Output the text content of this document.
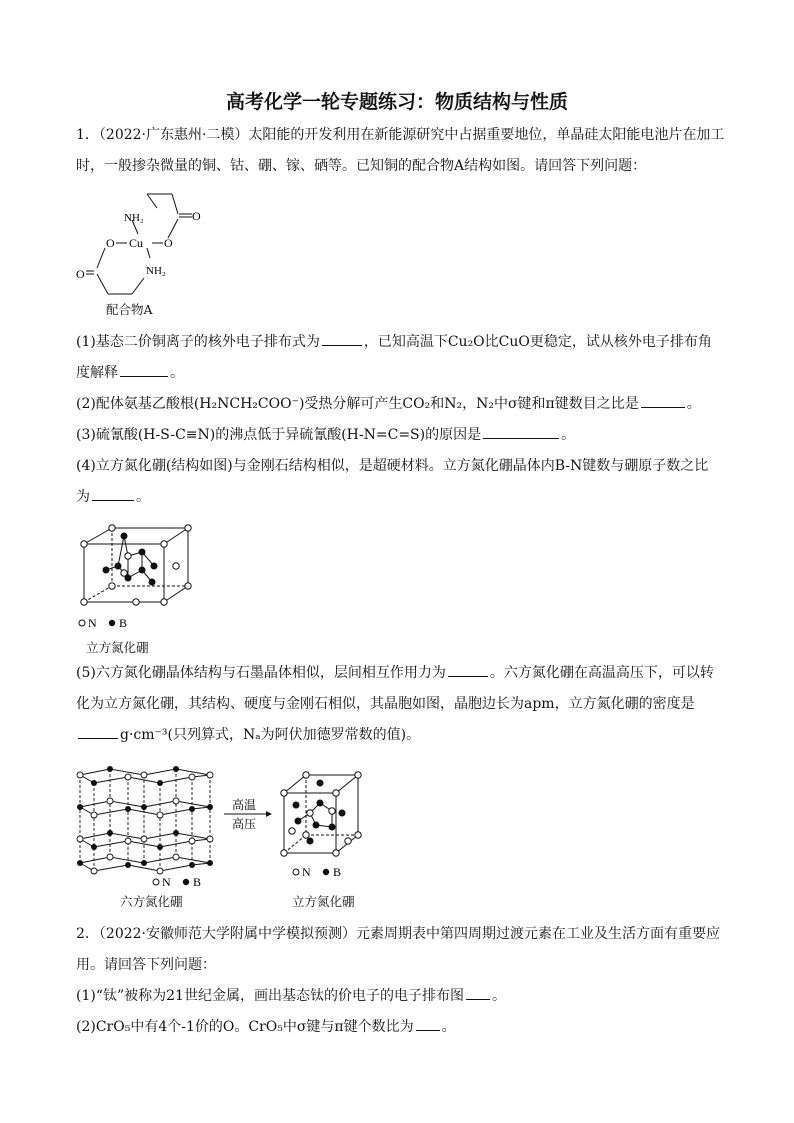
高考化学一轮专题练习：物质结构与性质
1．（2022·广东惠州·二模）太阳能的开发利用在新能源研究中占据重要地位，单晶硅太阳能电池片在加工
时，一般掺杂微量的铜、钴、硼、镓、硒等。已知铜的配合物A结构如图。请回答下列问题：
NH₂	O
O Cu O
O	NH₂
配合物A
(1)基态二价铜离子的核外电子排布式为	，已知高温下Cu₂O比CuO更稳定，试从核外电子排布角
度解释	。
(2)配体氨基乙酸根(H₂NCH₂COO⁻)受热分解可产生CO₂和N₂，N₂中σ键和π键数目之比是	。
(3)硫氰酸(H-S-C≡N)的沸点低于异硫氰酸(H-N=C=S)的原因是	。
(4)立方氮化硼(结构如图)与金刚石结构相似，是超硬材料。立方氮化硼晶体内B-N键数与硼原子数之比
为	。
N B
立方氮化硼
(5)六方氮化硼晶体结构与石墨晶体相似，层间相互作用力为	。六方氮化硼在高温高压下，可以转
化为立方氮化硼，其结构、硬度与金刚石相似，其晶胞如图，晶胞边长为apm，立方氮化硼的密度是
g·cm⁻³(只列算式，Nₐ为阿伏加德罗常数的值)。
高温
高压
N B
N B
六方氮化硼	立方氮化硼
2．（2022·安徽师范大学附属中学模拟预测）元素周期表中第四周期过渡元素在工业及生活方面有重要应
用。请回答下列问题：
(1)“钛”被称为21世纪金属，画出基态钛的价电子的电子排布图 。
(2)CrO₅中有4个-1价的O。CrO₅中σ键与π键个数比为 。
